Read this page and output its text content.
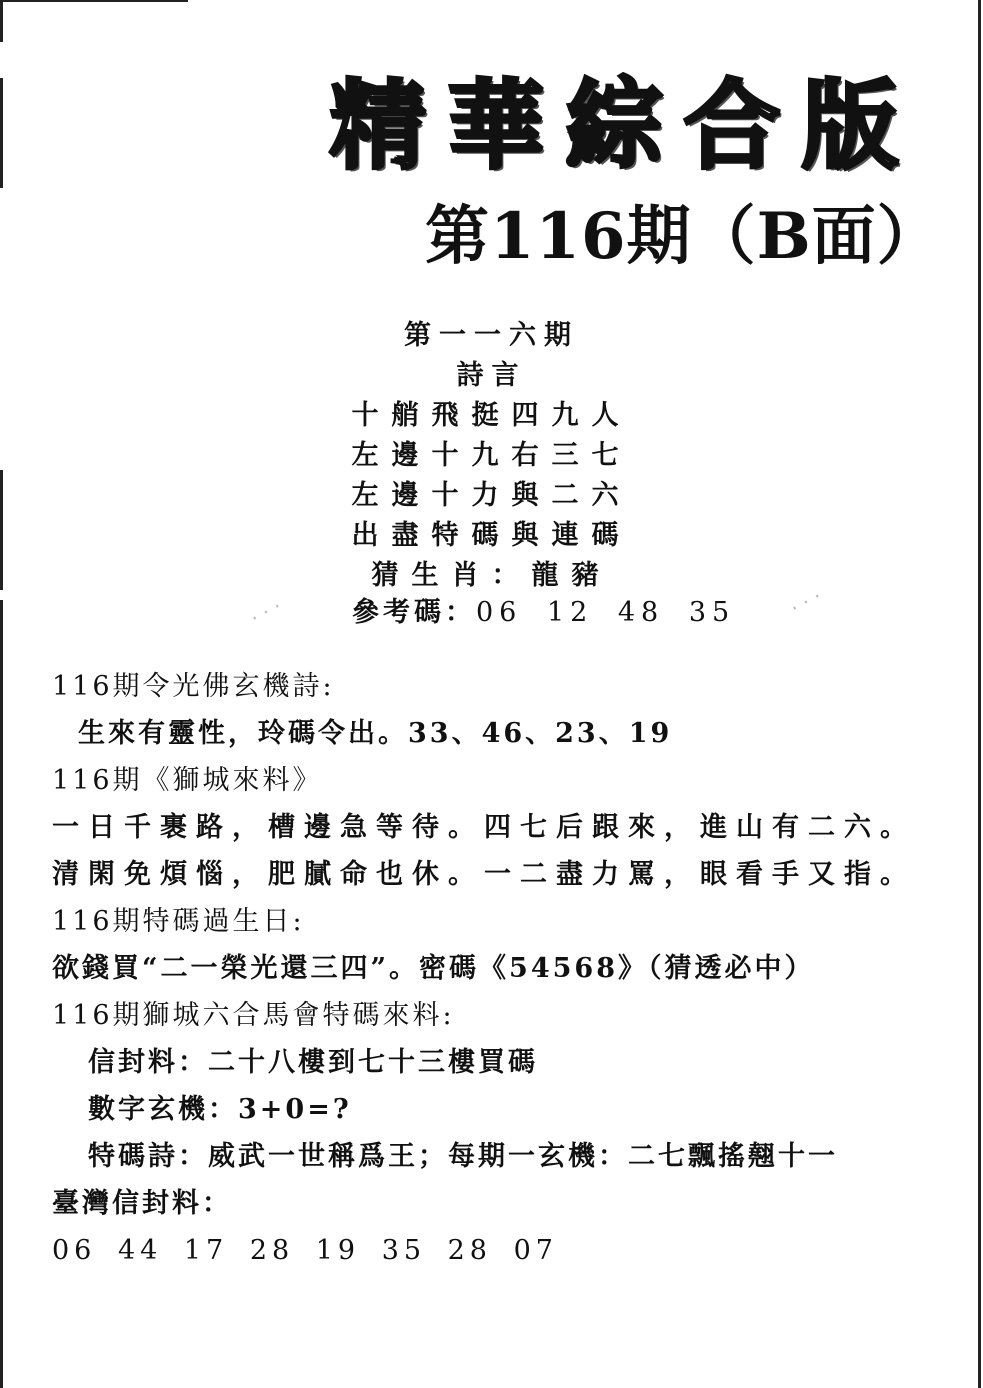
精華綜合版
第116期（B面）
第一一六期
詩言
十艄飛挺四九人
左邊十九右三七
左邊十力與二六
出盡特碼與連碼
猜生肖：龍豬
參考碼：06 12 48 35
· · ·	· · ·
116期令光佛玄機詩:
生來有靈性，玲碼令出。33、46、23、19
116期《獅城來料》
一日千裹路，槽邊急等待。四七后跟來，進山有二六。
清閑免煩惱，肥膩命也休。一二盡力罵，眼看手又指。
116期特碼過生日:
欲錢買“二一榮光還三四”。密碼《54568》（猜透必中）
116期獅城六合馬會特碼來料:
信封料：二十八樓到七十三樓買碼
數字玄機：3+0=?
特碼詩：威武一世稱爲王；每期一玄機：二七飄搖翹十一
臺灣信封料：
06 44 17 28 19 35 28 07
